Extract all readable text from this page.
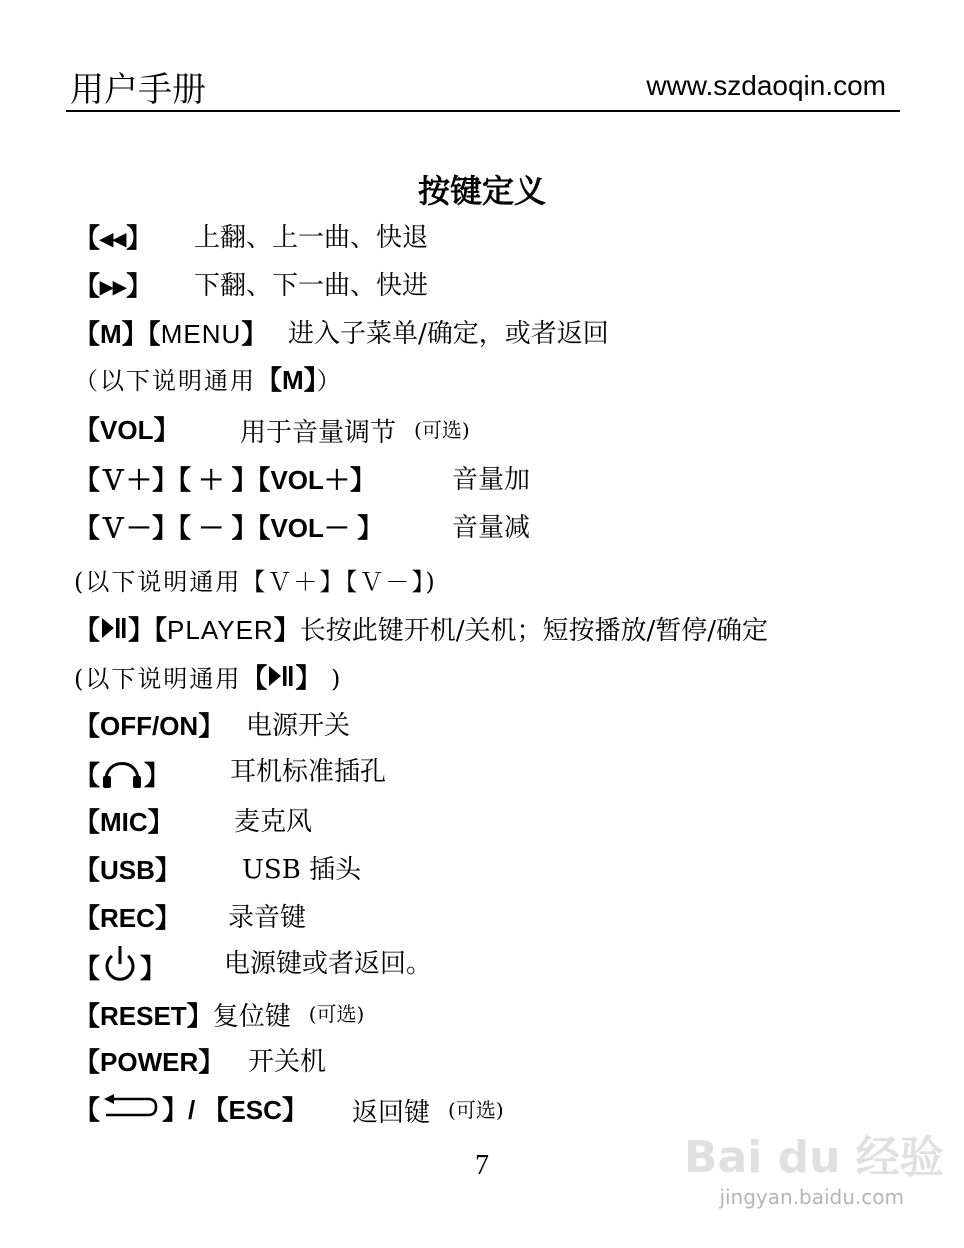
用户手册	www.szdaoqin.com
按键定义
【◂◂】 上翻、上一曲、快退
【▸▸】 下翻、下一曲、快进
【M】【MENU】 进入子菜单/确定，或者返回
（以下说明通用【M】）
【VOL】 用于音量调节 (可选)
【Ｖ＋】【 ＋ 】【VOL＋】	音量加
【Ｖ－】【 － 】【VOL－ 】	音量减
(以下说明通用【Ｖ＋】【Ｖ－】)
【 】【PLAYER】长按此键开机/关机；短按播放/暂停/确定
(以下说明通用【 】 )
【OFF/ON】 电源开关
【 】 耳机标准插孔
【MIC】 麦克风
【USB】 USB 插头
【REC】 录音键
【 】 电源键或者返回。
【RESET】复位键 (可选)
【POWER】 开关机
【 】/ 【ESC】 返回键 (可选)
7	Bai du 经验
jingyan.baidu.com
